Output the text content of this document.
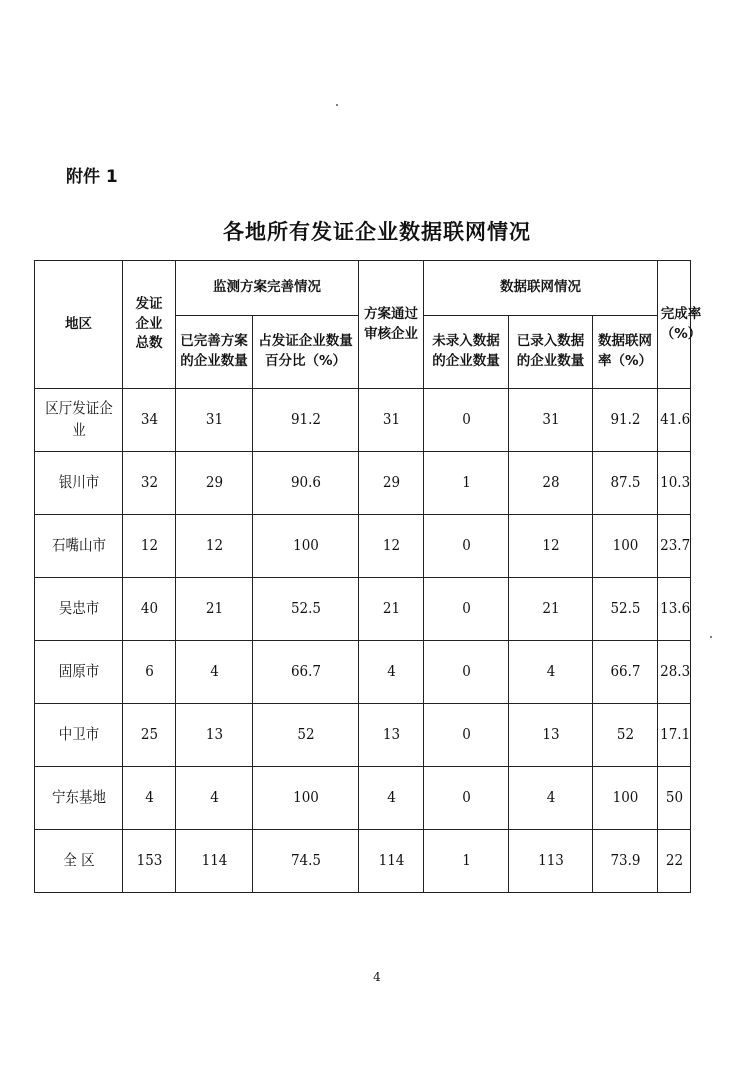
附件 1
各地所有发证企业数据联网情况
地区	发证企业总数	监测方案完善情况		方案通过审核企业	数据联网情况			完成率（%）
		已完善方案的企业数量	占发证企业数量百分比（%）		未录入数据的企业数量	已录入数据的企业数量	数据联网率（%）	
区厅发证企业	34	31	91.2	31	0	31	91.2	41.6
银川市	32	29	90.6	29	1	28	87.5	10.3
石嘴山市	12	12	100	12	0	12	100	23.7
吴忠市	40	21	52.5	21	0	21	52.5	13.6
固原市	6	4	66.7	4	0	4	66.7	28.3
中卫市	25	13	52	13	0	13	52	17.1
宁东基地	4	4	100	4	0	4	100	50
全 区	153	114	74.5	114	1	113	73.9	22
4
